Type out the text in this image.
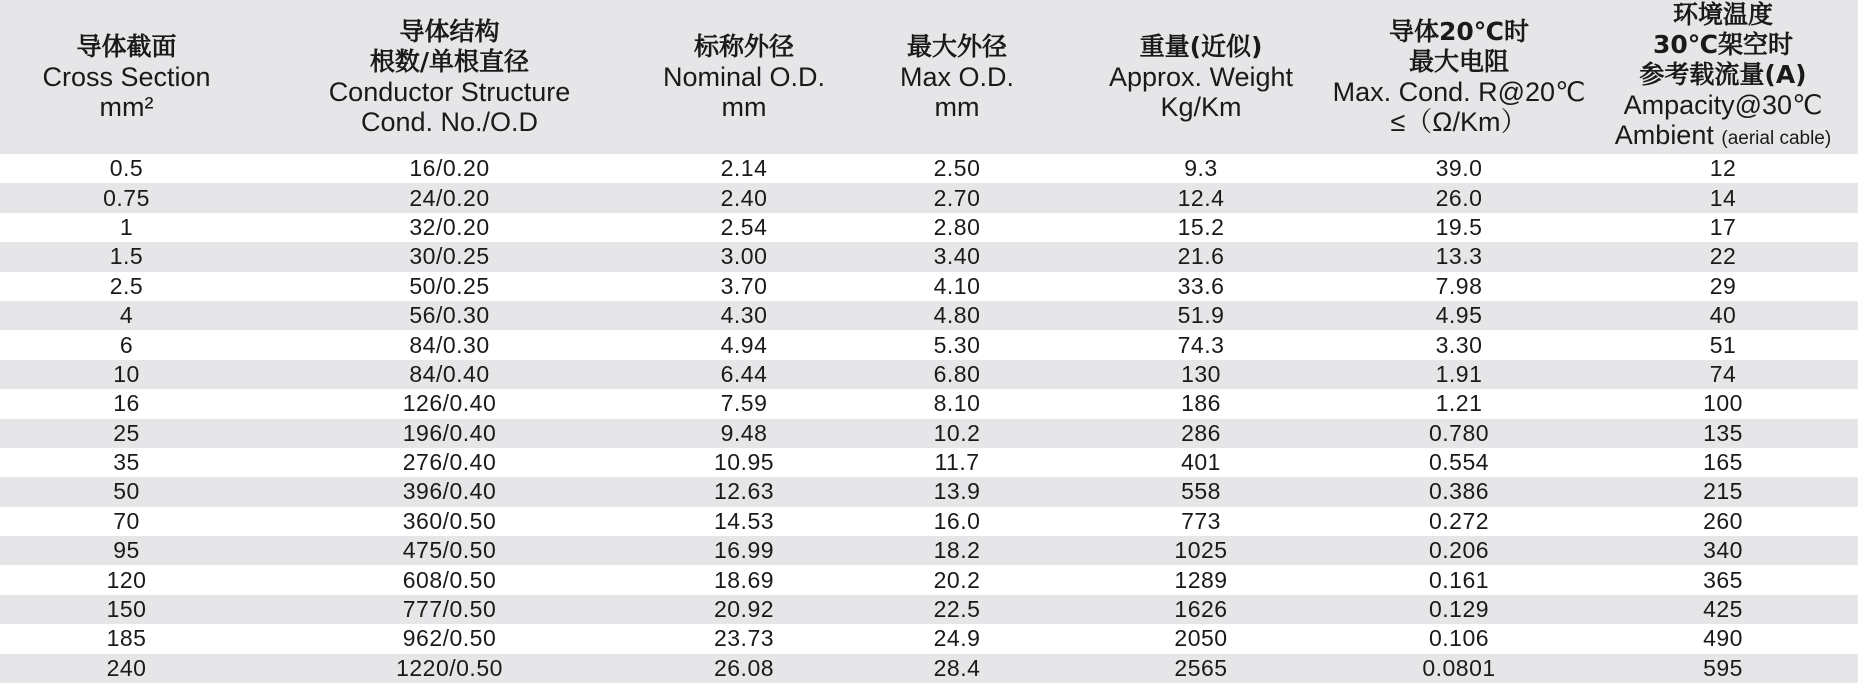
导体截面
Cross Section
mm²	导体结构
根数/单根直径
Conductor Structure
Cond. No./O.D	标称外径
Nominal O.D.
mm	最大外径
Max O.D.
mm	重量(近似)
Approx. Weight
Kg/Km	导体20℃时
最大电阻
Max. Cond. R@20℃
≤（Ω/Km）	环境温度
30℃架空时
参考载流量(A)
Ampacity@30℃
Ambient (aerial cable)

0.5	16/0.20	2.14	2.50	9.3	39.0	12
0.75	24/0.20	2.40	2.70	12.4	26.0	14
1	32/0.20	2.54	2.80	15.2	19.5	17
1.5	30/0.25	3.00	3.40	21.6	13.3	22
2.5	50/0.25	3.70	4.10	33.6	7.98	29
4	56/0.30	4.30	4.80	51.9	4.95	40
6	84/0.30	4.94	5.30	74.3	3.30	51
10	84/0.40	6.44	6.80	130	1.91	74
16	126/0.40	7.59	8.10	186	1.21	100
25	196/0.40	9.48	10.2	286	0.780	135
35	276/0.40	10.95	11.7	401	0.554	165
50	396/0.40	12.63	13.9	558	0.386	215
70	360/0.50	14.53	16.0	773	0.272	260
95	475/0.50	16.99	18.2	1025	0.206	340
120	608/0.50	18.69	20.2	1289	0.161	365
150	777/0.50	20.92	22.5	1626	0.129	425
185	962/0.50	23.73	24.9	2050	0.106	490
240	1220/0.50	26.08	28.4	2565	0.0801	595
